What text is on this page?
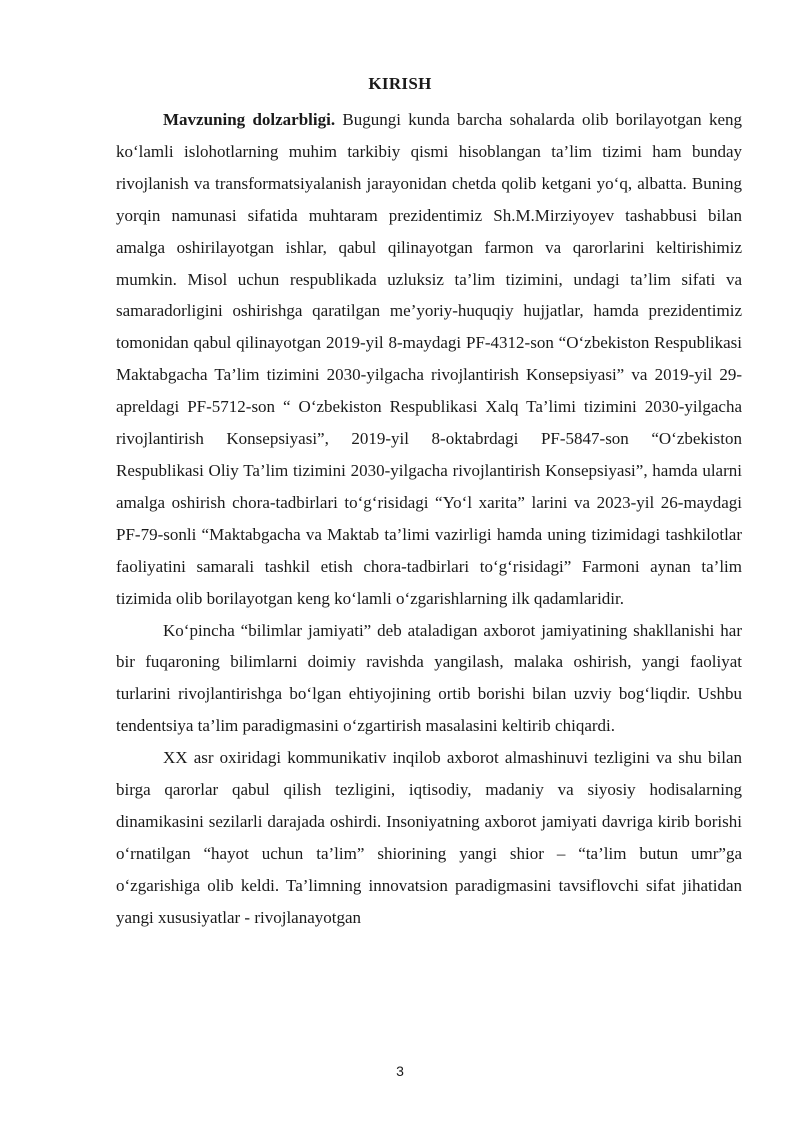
KIRISH

Mavzuning dolzarbligi. Bugungi kunda barcha sohalarda olib borilayotgan keng koʻlamli islohotlarning muhim tarkibiy qismi hisoblangan ta’lim tizimi ham bunday rivojlanish va transformatsiyalanish jarayonidan chetda qolib ketgani yoʻq, albatta. Buning yorqin namunasi sifatida muhtaram prezidentimiz Sh.M.Mirziyoyev tashabbusi bilan amalga oshirilayotgan ishlar, qabul qilinayotgan farmon va qarorlarini keltirishimiz mumkin. Misol uchun respublikada uzluksiz ta’lim tizimini, undagi ta’lim sifati va samaradorligini oshirishga qaratilgan me’yoriy-huquqiy hujjatlar, hamda prezidentimiz tomonidan qabul qilinayotgan 2019-yil 8-maydagi PF-4312-son “Oʻzbekiston Respublikasi Maktabgacha Ta’lim tizimini 2030-yilgacha rivojlantirish Konsepsiyasi” va 2019-yil 29-apreldagi PF-5712-son “ Oʻzbekiston Respublikasi Xalq Ta’limi tizimini 2030-yilgacha rivojlantirish Konsepsiyasi”, 2019-yil 8-oktabrdagi PF-5847-son “Oʻzbekiston Respublikasi Oliy Ta’lim tizimini 2030-yilgacha rivojlantirish Konsepsiyasi”, hamda ularni amalga oshirish chora-tadbirlari toʻgʻrisidagi “Yoʻl xarita” larini va 2023-yil 26-maydagi PF-79-sonli “Maktabgacha va Maktab ta’limi vazirligi hamda uning tizimidagi tashkilotlar faoliyatini samarali tashkil etish chora-tadbirlari toʻgʻrisidagi” Farmoni aynan ta’lim tizimida olib borilayotgan keng koʻlamli oʻzgarishlarning ilk qadamlaridir.

Koʻpincha “bilimlar jamiyati” deb ataladigan axborot jamiyatining shakllanishi har bir fuqaroning bilimlarni doimiy ravishda yangilash, malaka oshirish, yangi faoliyat turlarini rivojlantirishga boʻlgan ehtiyojining ortib borishi bilan uzviy bogʻliqdir. Ushbu tendentsiya ta’lim paradigmasini oʻzgartirish masalasini keltirib chiqardi.

XX asr oxiridagi kommunikativ inqilob axborot almashinuvi tezligini va shu bilan birga qarorlar qabul qilish tezligini, iqtisodiy, madaniy va siyosiy hodisalarning dinamikasini sezilarli darajada oshirdi. Insoniyatning axborot jamiyati davriga kirib borishi oʻrnatilgan “hayot uchun ta’lim” shiorining yangi shior – “ta’lim butun umr”ga oʻzgarishiga olib keldi. Ta’limning innovatsion paradigmasini tavsiflovchi sifat jihatidan yangi xususiyatlar - rivojlanayotgan

3
